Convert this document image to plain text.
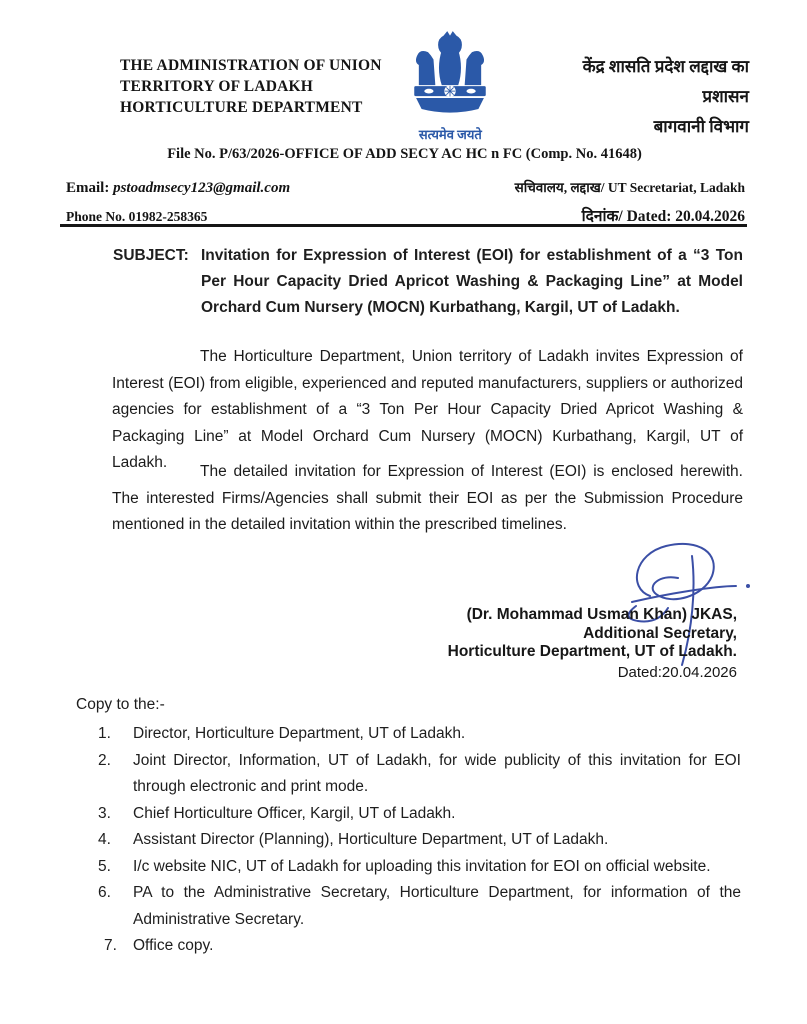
THE ADMINISTRATION OF UNION
TERRITORY OF LADAKH
HORTICULTURE DEPARTMENT
सत्यमेव जयते
केंद्र शासति प्रदेश लद्दाख का
प्रशासन
बागवानी विभाग
File No. P/63/2026-OFFICE OF ADD SECY AC HC n FC (Comp. No. 41648)
Email: pstoadmsecy123@gmail.com	सचिवालय, लद्दाख/ UT Secretariat, Ladakh
Phone No. 01982-258365	दिनांक/ Dated: 20.04.2026
SUBJECT: Invitation for Expression of Interest (EOI) for establishment of a “3 Ton Per Hour Capacity Dried Apricot Washing & Packaging Line” at Model Orchard Cum Nursery (MOCN) Kurbathang, Kargil, UT of Ladakh.
The Horticulture Department, Union territory of Ladakh invites Expression of Interest (EOI) from eligible, experienced and reputed manufacturers, suppliers or authorized agencies for establishment of a “3 Ton Per Hour Capacity Dried Apricot Washing & Packaging Line” at Model Orchard Cum Nursery (MOCN) Kurbathang, Kargil, UT of Ladakh.
The detailed invitation for Expression of Interest (EOI) is enclosed herewith. The interested Firms/Agencies shall submit their EOI as per the Submission Procedure mentioned in the detailed invitation within the prescribed timelines.
(Dr. Mohammad Usman Khan) JKAS,
Additional Secretary,
Horticulture Department, UT of Ladakh.
Dated:20.04.2026
Copy to the:-
1.	Director, Horticulture Department, UT of Ladakh.
2.	Joint Director, Information, UT of Ladakh, for wide publicity of this invitation for EOI through electronic and print mode.
3.	Chief Horticulture Officer, Kargil, UT of Ladakh.
4.	Assistant Director (Planning), Horticulture Department, UT of Ladakh.
5.	I/c website NIC, UT of Ladakh for uploading this invitation for EOI on official website.
6.	PA to the Administrative Secretary, Horticulture Department, for information of the Administrative Secretary.
7.	Office copy.
